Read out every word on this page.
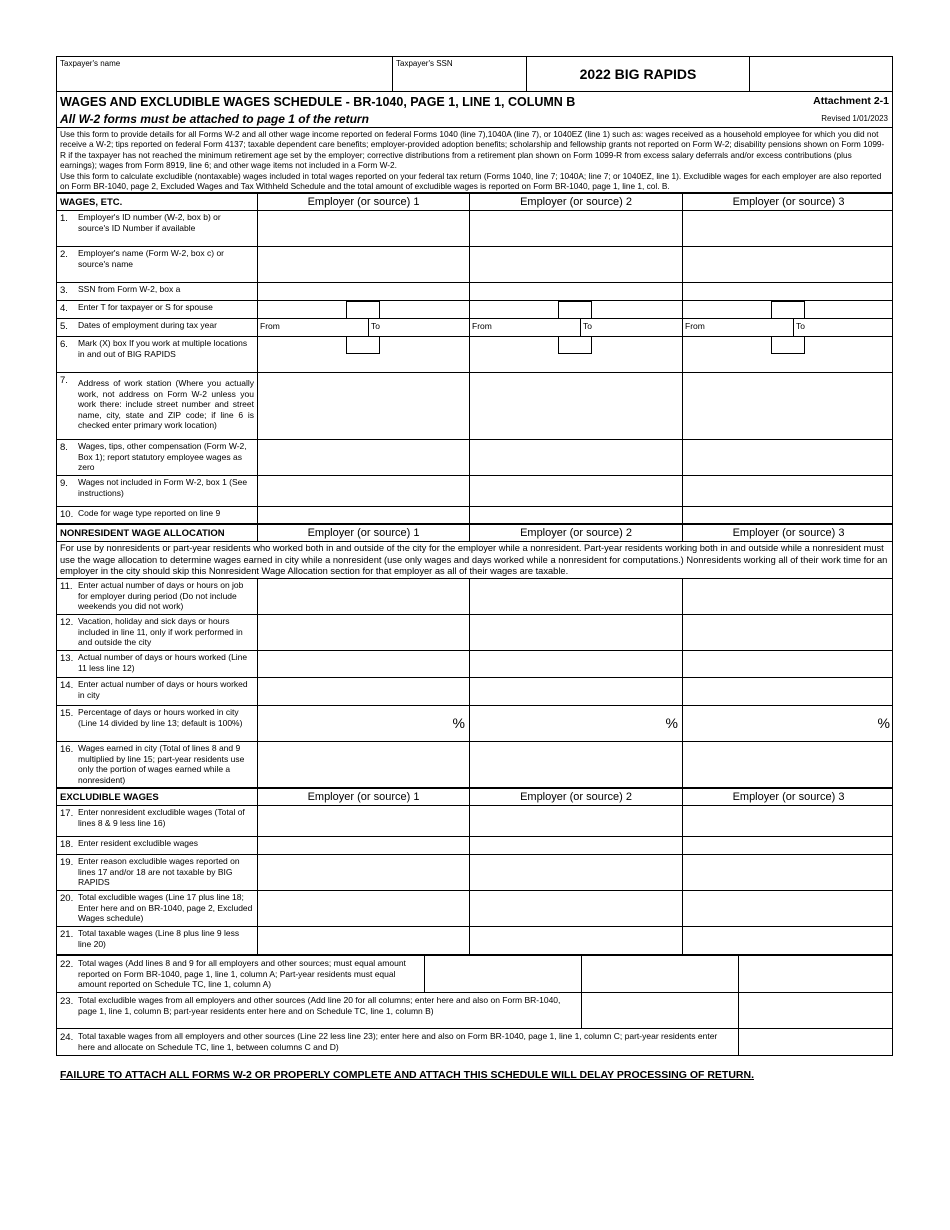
Taxpayer's name	Taxpayer's SSN
2022 BIG RAPIDS
WAGES AND EXCLUDIBLE WAGES SCHEDULE - BR-1040, PAGE 1, LINE 1, COLUMN B
All W-2 forms must be attached to page 1 of the return
Attachment 2-1
Revised 1/01/2023

Use this form to provide details for all Forms W-2 and all other wage income reported on federal Forms 1040 (line 7),1040A (line 7), or 1040EZ (line 1) such as: wages received as a household employee for which you did not receive a W-2; tips reported on federal Form 4137; taxable dependent care benefits; employer-provided adoption benefits; scholarship and fellowship grants not reported on Form W-2; disability pensions shown on Form 1099-R if the taxpayer has not reached the minimum retirement age set by the employer; corrective distributions from a retirement plan shown on Form 1099-R from excess salary deferrals and/or excess contributions (plus earnings); wages from Form 8919, line 6; and other wage items not included in a Form W-2.

Use this form to calculate excludible (nontaxable) wages included in total wages reported on your federal tax return (Forms 1040, line 7; 1040A; line 7; or 1040EZ, line 1). Excludible wages for each employer are also reported on Form BR-1040, page 2, Excluded Wages and Tax Withheld Schedule and the total amount of excludible wages is reported on Form BR-1040, page 1, line 1, col. B.

WAGES, ETC.	Employer (or source) 1	Employer (or source) 2	Employer (or source) 3
1. Employer's ID number (W-2, box b) or source's ID Number if available
2. Employer's name (Form W-2, box c) or source's name
3. SSN from Form W-2, box a
4. Enter T for taxpayer or S for spouse
5. Dates of employment during tax year	From	To	From	To	From	To
6. Mark (X) box If you work at multiple locations in and out of BIG RAPIDS
7. Address of work station (Where you actually work, not address on Form W-2 unless you work there: include street number and street name, city, state and ZIP code; if line 6 is checked enter primary work location)
8. Wages, tips, other compensation (Form W-2, Box 1); report statutory employee wages as zero
9. Wages not included in Form W-2, box 1 (See instructions)
10. Code for wage type reported on line 9
NONRESIDENT WAGE ALLOCATION	Employer (or source) 1	Employer (or source) 2	Employer (or source) 3

For use by nonresidents or part-year residents who worked both in and outside of the city for the employer while a nonresident. Part-year residents working both in and outside while a nonresident must use the wage allocation to determine wages earned in city while a nonresident (use only wages and days worked while a nonresident for computations.) Nonresidents working all of their work time for an employer in the city should skip this Nonresident Wage Allocation section for that employer as all of their wages are taxable.

11. Enter actual number of days or hours on job for employer during period (Do not include weekends you did not work)
12. Vacation, holiday and sick days or hours included in line 11, only if work performed in and outside the city
13. Actual number of days or hours worked (Line 11 less line 12)
14. Enter actual number of days or hours worked in city
15. Percentage of days or hours worked in city (Line 14 divided by line 13; default is 100%)	%	%	%
16. Wages earned in city (Total of lines 8 and 9 multiplied by line 15; part-year residents use only the portion of wages earned while a nonresident)
EXCLUDIBLE WAGES	Employer (or source) 1	Employer (or source) 2	Employer (or source) 3
17. Enter nonresident excludible wages (Total of lines 8 & 9 less line 16)
18. Enter resident excludible wages
19. Enter reason excludible wages reported on lines 17 and/or 18 are not taxable by BIG RAPIDS
20. Total excludible wages (Line 17 plus line 18; Enter here and on BR-1040, page 2, Excluded Wages schedule)
21. Total taxable wages (Line 8 plus line 9 less line 20)
22. Total wages (Add lines 8 and 9 for all employers and other sources; must equal amount reported on Form BR-1040, page 1, line 1, column A; Part-year residents must equal amount reported on Schedule TC, line 1, column A)
23. Total excludible wages from all employers and other sources (Add line 20 for all columns; enter here and also on Form BR-1040, page 1, line 1, column B; part-year residents enter here and on Schedule TC, line 1, column B)
24. Total taxable wages from all employers and other sources (Line 22 less line 23); enter here and also on Form BR-1040, page 1, line 1, column C; part-year residents enter here and allocate on Schedule TC, line 1, between columns C and D)
FAILURE TO ATTACH ALL FORMS W-2 OR PROPERLY COMPLETE AND ATTACH THIS SCHEDULE WILL DELAY PROCESSING OF RETURN.
